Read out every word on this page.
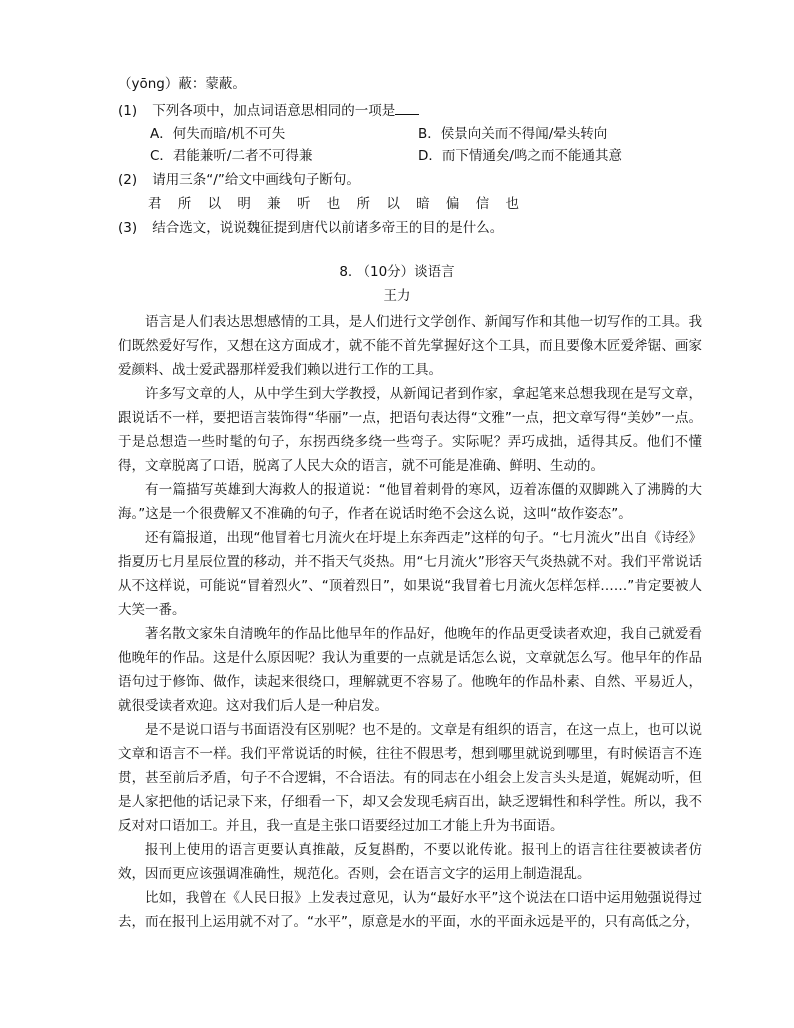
（yōng）蔽：蒙蔽。
(1) 下列各项中，加点词语意思相同的一项是
A．何失而暗/机不可失	B．侯景向关而不得闻/晕头转向
C．君能兼听/二者不可得兼	D．而下情通矣/鸣之而不能通其意
(2) 请用三条“/”给文中画线句子断句。
君 所 以 明 兼 听 也 所 以 暗 偏 信 也
(3) 结合选文，说说魏征提到唐代以前诸多帝王的目的是什么。
8. （10分）谈语言
王力

语言是人们表达思想感情的工具，是人们进行文学创作、新闻写作和其他一切写作的工具。我们既然爱好写作，又想在这方面成才，就不能不首先掌握好这个工具，而且要像木匠爱斧锯、画家爱颜料、战士爱武器那样爱我们赖以进行工作的工具。

许多写文章的人，从中学生到大学教授，从新闻记者到作家，拿起笔来总想我现在是写文章，跟说话不一样，要把语言装饰得“华丽”一点，把语句表达得“文雅”一点，把文章写得“美妙”一点。于是总想造一些时髦的句子，东拐西绕多绕一些弯子。实际呢？弄巧成拙，适得其反。他们不懂得，文章脱离了口语，脱离了人民大众的语言，就不可能是准确、鲜明、生动的。

有一篇描写英雄到大海救人的报道说：“他冒着刺骨的寒风，迈着冻僵的双脚跳入了沸腾的大海。”这是一个很费解又不准确的句子，作者在说话时绝不会这么说，这叫“故作姿态”。

还有篇报道，出现“他冒着七月流火在圩堤上东奔西走”这样的句子。“七月流火”出自《诗经》指夏历七月星辰位置的移动，并不指天气炎热。用“七月流火”形容天气炎热就不对。我们平常说话从不这样说，可能说“冒着烈火”、“顶着烈日”，如果说“我冒着七月流火怎样怎样……”肯定要被人大笑一番。

著名散文家朱自清晚年的作品比他早年的作品好，他晚年的作品更受读者欢迎，我自己就爱看他晚年的作品。这是什么原因呢？我认为重要的一点就是话怎么说，文章就怎么写。他早年的作品语句过于修饰、做作，读起来很绕口，理解就更不容易了。他晚年的作品朴素、自然、平易近人，就很受读者欢迎。这对我们后人是一种启发。

是不是说口语与书面语没有区别呢？也不是的。文章是有组织的语言，在这一点上，也可以说文章和语言不一样。我们平常说话的时候，往往不假思考，想到哪里就说到哪里，有时候语言不连贯，甚至前后矛盾，句子不合逻辑，不合语法。有的同志在小组会上发言头头是道，娓娓动听，但是人家把他的话记录下来，仔细看一下，却又会发现毛病百出，缺乏逻辑性和科学性。所以，我不反对对口语加工。并且，我一直是主张口语要经过加工才能上升为书面语。

报刊上使用的语言更要认真推敲，反复斟酌，不要以讹传讹。报刊上的语言往往要被读者仿效，因而更应该强调准确性，规范化。否则，会在语言文字的运用上制造混乱。

比如，我曾在《人民日报》上发表过意见，认为“最好水平”这个说法在口语中运用勉强说得过去，而在报刊上运用就不对了。“水平”，原意是水的平面，水的平面永远是平的，只有高低之分，
